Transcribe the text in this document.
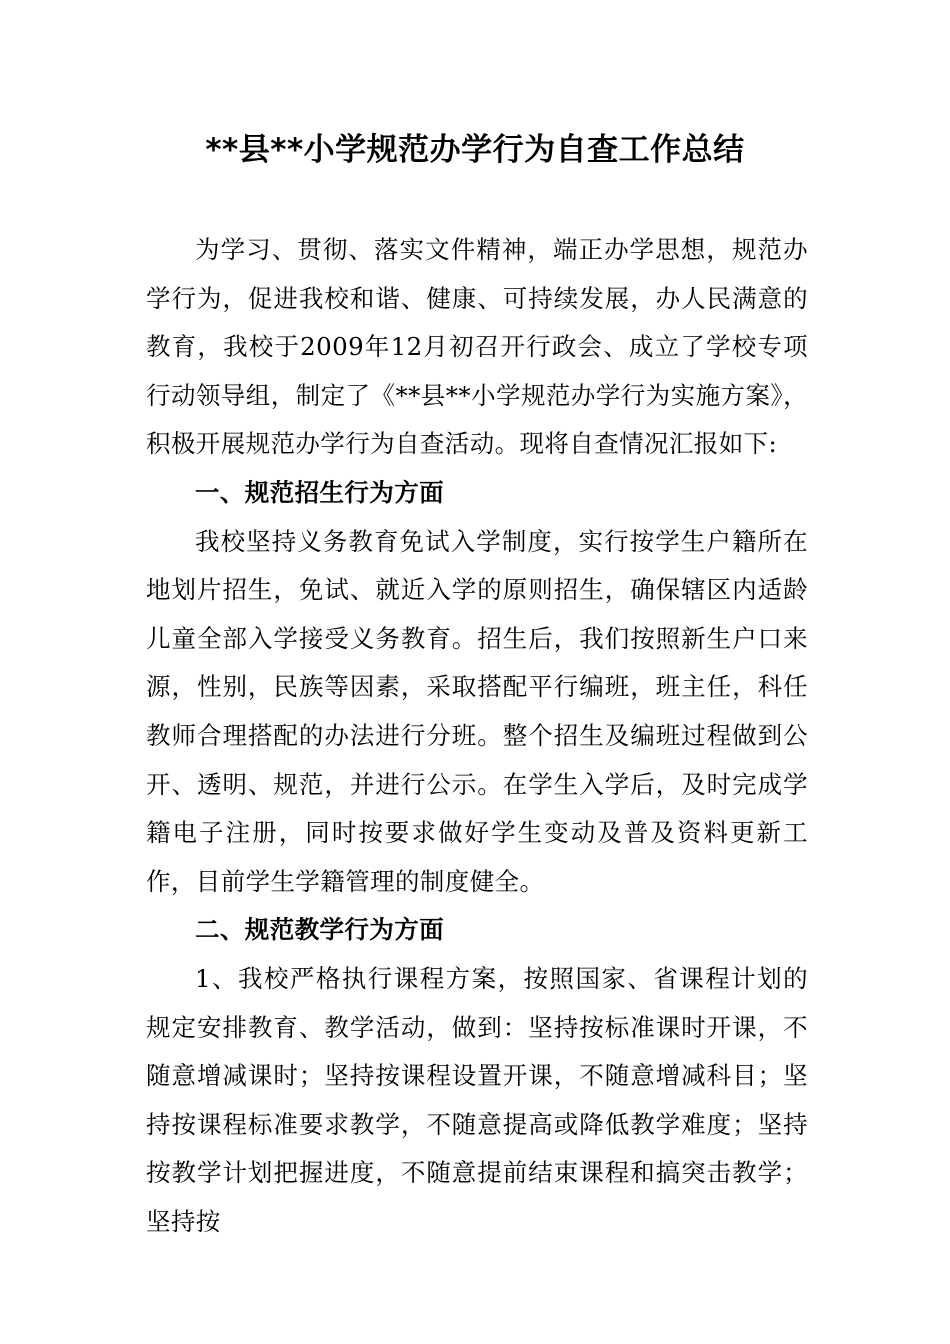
**县**小学规范办学行为自查工作总结

为学习、贯彻、落实文件精神，端正办学思想，规范办学行为，促进我校和谐、健康、可持续发展，办人民满意的教育，我校于2009年12月初召开行政会、成立了学校专项行动领导组，制定了《**县**小学规范办学行为实施方案》，积极开展规范办学行为自查活动。现将自查情况汇报如下:

一、规范招生行为方面

我校坚持义务教育免试入学制度，实行按学生户籍所在地划片招生，免试、就近入学的原则招生，确保辖区内适龄儿童全部入学接受义务教育。招生后，我们按照新生户口来源，性别，民族等因素，采取搭配平行编班，班主任，科任教师合理搭配的办法进行分班。整个招生及编班过程做到公开、透明、规范，并进行公示。在学生入学后，及时完成学籍电子注册，同时按要求做好学生变动及普及资料更新工作，目前学生学籍管理的制度健全。

二、规范教学行为方面

1、我校严格执行课程方案，按照国家、省课程计划的规定安排教育、教学活动，做到：坚持按标准课时开课，不随意增减课时；坚持按课程设置开课，不随意增减科目；坚持按课程标准要求教学，不随意提高或降低教学难度；坚持按教学计划把握进度，不随意提前结束课程和搞突击教学；坚持按
